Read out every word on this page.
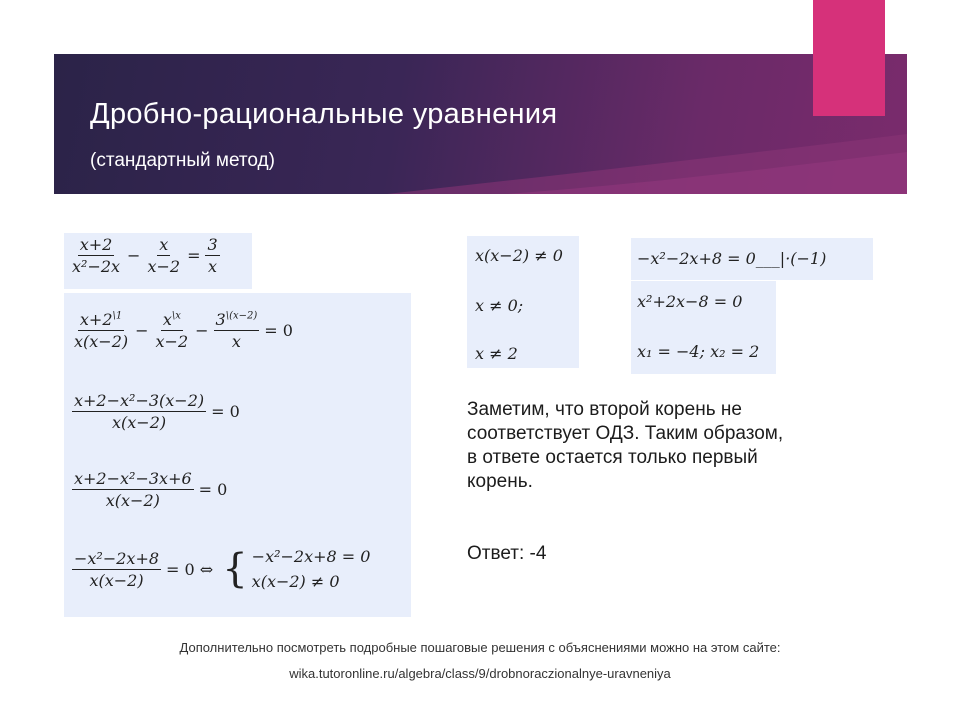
Дробно-рациональные уравнения
(стандартный метод)
$\frac{x+2}{\text{x²−2x}} - \frac{x}{x-2} = \frac{3}{x}$
$\frac{x+2^{\backslash 1}}{x(x-2)} - \frac{x^{\backslash x}}{x-2} - \frac{3^{\backslash(x-2)}}{x} = 0$
$\frac{\text{x+2−x²−3(x−2)}}{x(x-2)} = 0$
$\frac{\text{x+2−x²−3x+6}}{x(x-2)} = 0$
$\frac{\text{−x²−2x+8}}{x(x-2)} = 0$ ⇔ { −x²−2x+8 = 0
x(x−2) ≠ 0
x(x−2) ≠ 0
x ≠ 0;
x ≠ 2
−x²−2x+8 = 0___|·(−1)
x²+2x−8 = 0
x₁ = −4; x₂ = 2
Заметим, что второй корень не
соответствует ОДЗ. Таким образом,
в ответе остается только первый
корень.
Ответ: -4
Дополнительно посмотреть подробные пошаговые решения с объяснениями можно на этом сайте:
wika.tutoronline.ru/algebra/class/9/drobnoraczionalnye-uravneniya
